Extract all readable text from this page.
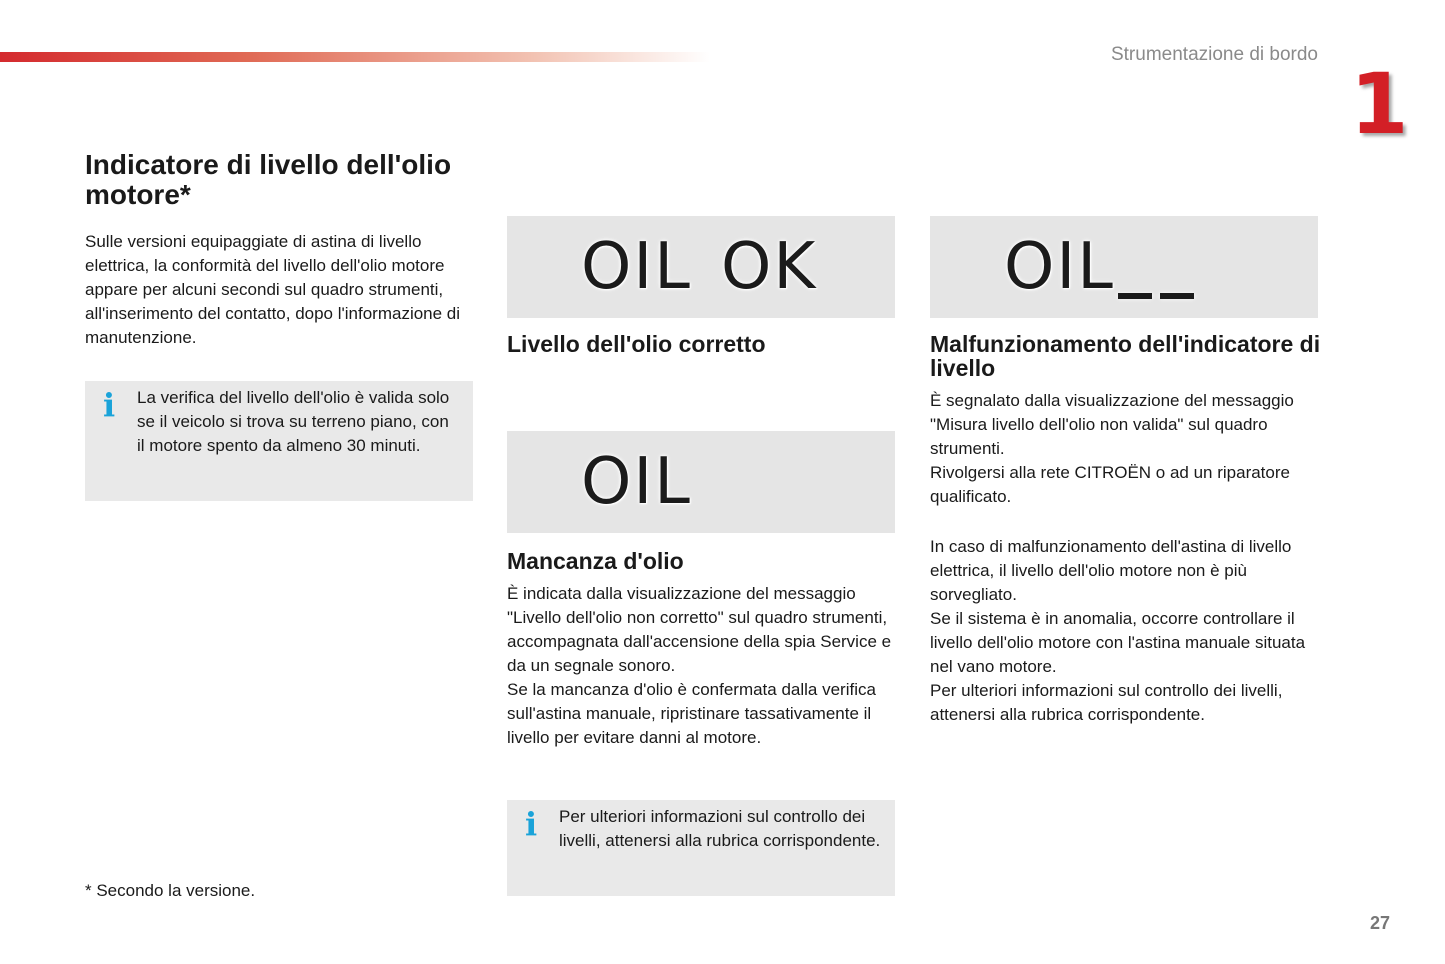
Strumentazione di bordo
1
Indicatore di livello dell'olio motore*

Sulle versioni equipaggiate di astina di livello elettrica, la conformità del livello dell'olio motore appare per alcuni secondi sul quadro strumenti, all'inserimento del contatto, dopo l'informazione di manutenzione.

i La verifica del livello dell'olio è valida solo se il veicolo si trova su terreno piano, con il motore spento da almeno 30 minuti.
OIL OK
Livello dell'olio corretto
OIL
Mancanza d'olio

È indicata dalla visualizzazione del messaggio "Livello dell'olio non corretto" sul quadro strumenti, accompagnata dall'accensione della spia Service e da un segnale sonoro.
Se la mancanza d'olio è confermata dalla verifica sull'astina manuale, ripristinare tassativamente il livello per evitare danni al motore.

i Per ulteriori informazioni sul controllo dei livelli, attenersi alla rubrica corrispondente.
OIL
Malfunzionamento dell'indicatore di livello

È segnalato dalla visualizzazione del messaggio "Misura livello dell'olio non valida" sul quadro strumenti.
Rivolgersi alla rete CITROËN o ad un riparatore qualificato.

In caso di malfunzionamento dell'astina di livello elettrica, il livello dell'olio motore non è più sorvegliato.
Se il sistema è in anomalia, occorre controllare il livello dell'olio motore con l'astina manuale situata nel vano motore.
Per ulteriori informazioni sul controllo dei livelli, attenersi alla rubrica corrispondente.

* Secondo la versione.
27
